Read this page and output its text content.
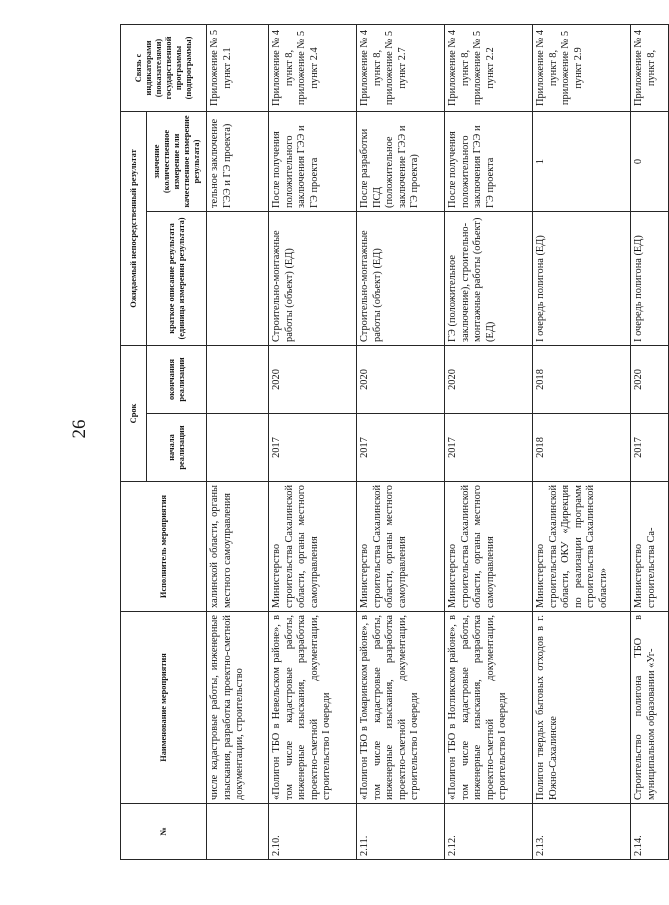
26
№	Наименование мероприятия	Исполнитель мероприятия	Срок		Ожидаемый непосредственный результат		Связь с индикаторами (показателями) государственной программы (подпрограммы)
			начала реализации	окончания реализации	краткое описание результата (единица измерения результата)	значение (количественное измерение или качественное измерение результата)	
	числе кадастровые работы, инженерные изыскания, разработка проектно-сметной документации, строительство	халинской области, органы местного самоуправления				тельное заключение ГЭЭ и ГЭ проекта)	Приложение № 5 пункт 2.1
2.10.	«Полигон ТБО в Невельском районе», в том числе кадастровые работы, инженерные изыскания, разработка проектно-сметной документации, строительство I очереди	Министерство строительства Сахалинской области, органы местного самоуправления	2017	2020	Строительно-монтажные работы (объект) (ЕД)	После получения положительного заключения ГЭЭ и ГЭ проекта	Приложение № 4 пункт 8, приложение № 5 пункт 2.4
2.11.	«Полигон ТБО в Томаринском районе», в том числе кадастровые работы, инженерные изыскания, разработка проектно-сметной документации, строительство I очереди	Министерство строительства Сахалинской области, органы местного самоуправления	2017	2020	Строительно-монтажные работы (объект) (ЕД)	После разработки ПСД (положительное заключение ГЭЭ и ГЭ проекта)	Приложение № 4 пункт 8, приложение № 5 пункт 2.7
2.12.	«Полигон ТБО в Ногликском районе», в том числе кадастровые работы, инженерные изыскания, разработка проектно-сметной документации, строительство I очереди	Министерство строительства Сахалинской области, органы местного самоуправления	2017	2020	ГЭ (положительное заключение), строительно-монтажные работы (объект) (ЕД)	После получения положительного заключения ГЭЭ и ГЭ проекта	Приложение № 4 пункт 8, приложение № 5 пункт 2.2
2.13.	Полигон твердых бытовых отходов в г. Южно-Сахалинске	Министерство строительства Сахалинской области, ОКУ «Дирекция по реализации программ строительства Сахалинской области»	2018	2018	I очередь полигона (ЕД)	1	Приложение № 4 пункт 8, приложение № 5 пункт 2.9
2.14.	Строительство полигона ТБО в муниципальном образовании «Уг-	Министерство строительства Са-	2017	2020	I очередь полигона (ЕД)	0	Приложение № 4 пункт 8,
